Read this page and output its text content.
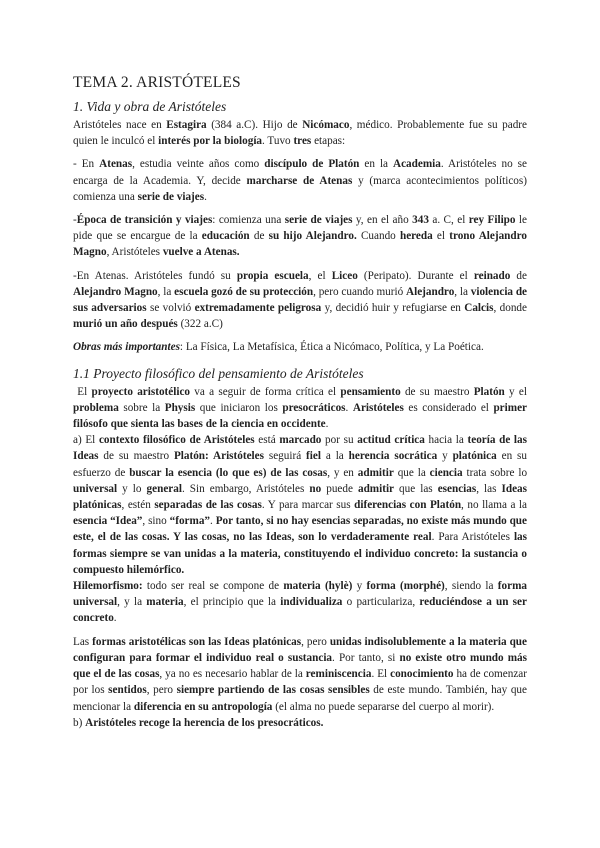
TEMA 2. ARISTÓTELES
1. Vida y obra de Aristóteles

Aristóteles nace en Estagira (384 a.C). Hijo de Nicómaco, médico. Probablemente fue su padre quien le inculcó el interés por la biología. Tuvo tres etapas:

- En Atenas, estudia veinte años como discípulo de Platón en la Academia. Aristóteles no se encarga de la Academia. Y, decide marcharse de Atenas y (marca acontecimientos políticos) comienza una serie de viajes.

-Época de transición y viajes: comienza una serie de viajes y, en el año 343 a. C, el rey Filipo le pide que se encargue de la educación de su hijo Alejandro. Cuando hereda el trono Alejandro Magno, Aristóteles vuelve a Atenas.

-En Atenas. Aristóteles fundó su propia escuela, el Liceo (Peripato). Durante el reinado de Alejandro Magno, la escuela gozó de su protección, pero cuando murió Alejandro, la violencia de sus adversarios se volvió extremadamente peligrosa y, decidió huir y refugiarse en Calcis, donde murió un año después (322 a.C)

Obras más importantes: La Física, La Metafísica, Ética a Nicómaco, Política, y La Poética.

1.1 Proyecto filosófico del pensamiento de Aristóteles

El proyecto aristotélico va a seguir de forma crítica el pensamiento de su maestro Platón y el problema sobre la Physis que iniciaron los presocráticos. Aristóteles es considerado el primer filósofo que sienta las bases de la ciencia en occidente.

a) El contexto filosófico de Aristóteles está marcado por su actitud crítica hacia la teoría de las Ideas de su maestro Platón: Aristóteles seguirá fiel a la herencia socrática y platónica en su esfuerzo de buscar la esencia (lo que es) de las cosas, y en admitir que la ciencia trata sobre lo universal y lo general. Sin embargo, Aristóteles no puede admitir que las esencias, las Ideas platónicas, estén separadas de las cosas. Y para marcar sus diferencias con Platón, no llama a la esencia “Idea”, sino “forma”. Por tanto, si no hay esencias separadas, no existe más mundo que este, el de las cosas. Y las cosas, no las Ideas, son lo verdaderamente real. Para Aristóteles las formas siempre se van unidas a la materia, constituyendo el individuo concreto: la sustancia o compuesto hilemórfico.

Hilemorfismo: todo ser real se compone de materia (hylè) y forma (morphé), siendo la forma universal, y la materia, el principio que la individualiza o particulariza, reduciéndose a un ser concreto.

Las formas aristotélicas son las Ideas platónicas, pero unidas indisolublemente a la materia que configuran para formar el individuo real o sustancia. Por tanto, si no existe otro mundo más que el de las cosas, ya no es necesario hablar de la reminiscencia. El conocimiento ha de comenzar por los sentidos, pero siempre partiendo de las cosas sensibles de este mundo. También, hay que mencionar la diferencia en su antropología (el alma no puede separarse del cuerpo al morir).

b) Aristóteles recoge la herencia de los presocráticos.
